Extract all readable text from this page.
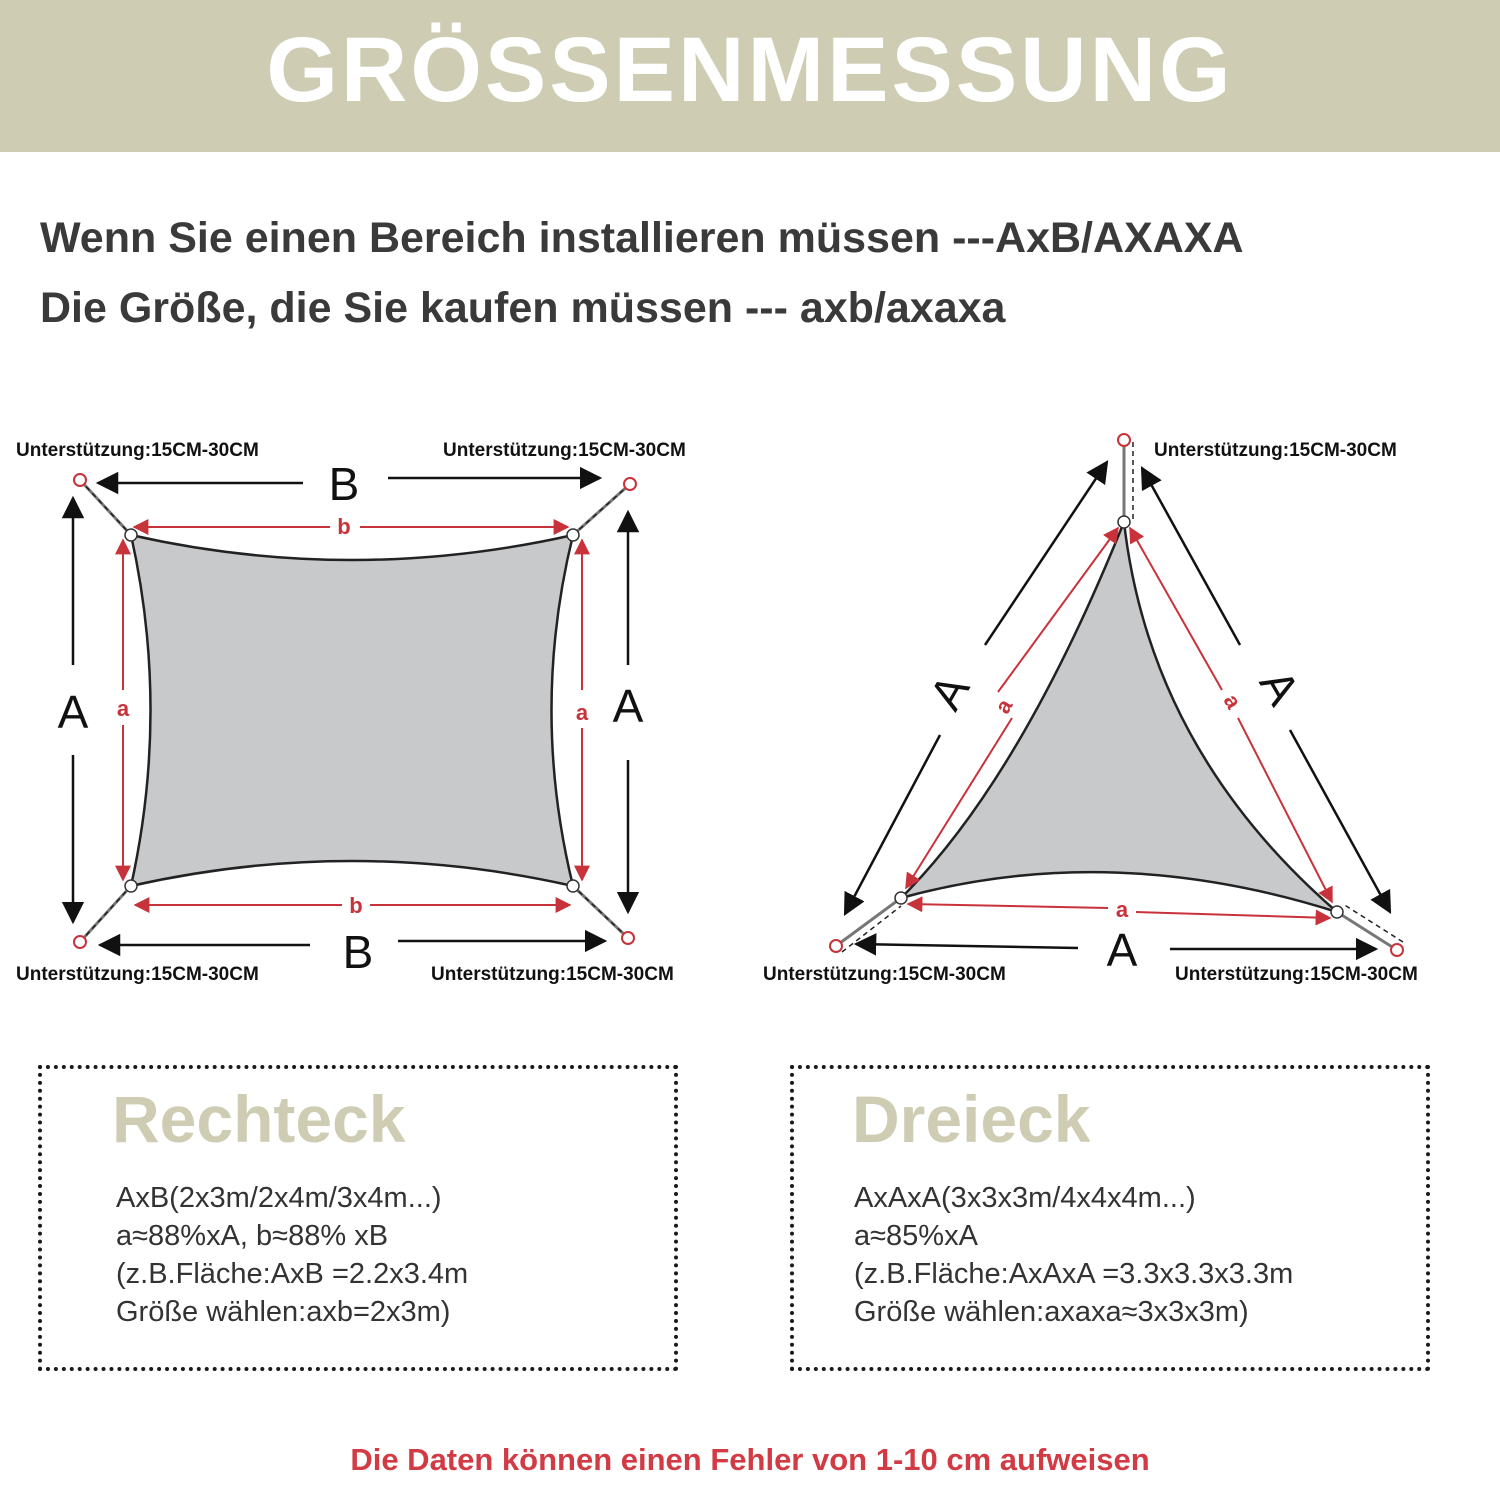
GRÖSSENMESSUNG
Wenn Sie einen Bereich installieren müssen ---AxB/AXAXA
Die Größe, die Sie kaufen müssen --- axb/axaxa
B
B
A	A
b
b
a	a
Unterstützung:15CM-30CM	Unterstützung:15CM-30CM
Unterstützung:15CM-30CM	Unterstützung:15CM-30CM
A	A
A
a	a
a
Unterstützung:15CM-30CM
Unterstützung:15CM-30CM	Unterstützung:15CM-30CM
Rechteck
AxB(2x3m/2x4m/3x4m...)
a≈88%xA, b≈88% xB
(z.B.Fläche:AxB =2.2x3.4m
Größe wählen:axb=2x3m)
Dreieck
AxAxA(3x3x3m/4x4x4m...)
a≈85%xA
(z.B.Fläche:AxAxA =3.3x3.3x3.3m
Größe wählen:axaxa≈3x3x3m)
Die Daten können einen Fehler von 1-10 cm aufweisen
